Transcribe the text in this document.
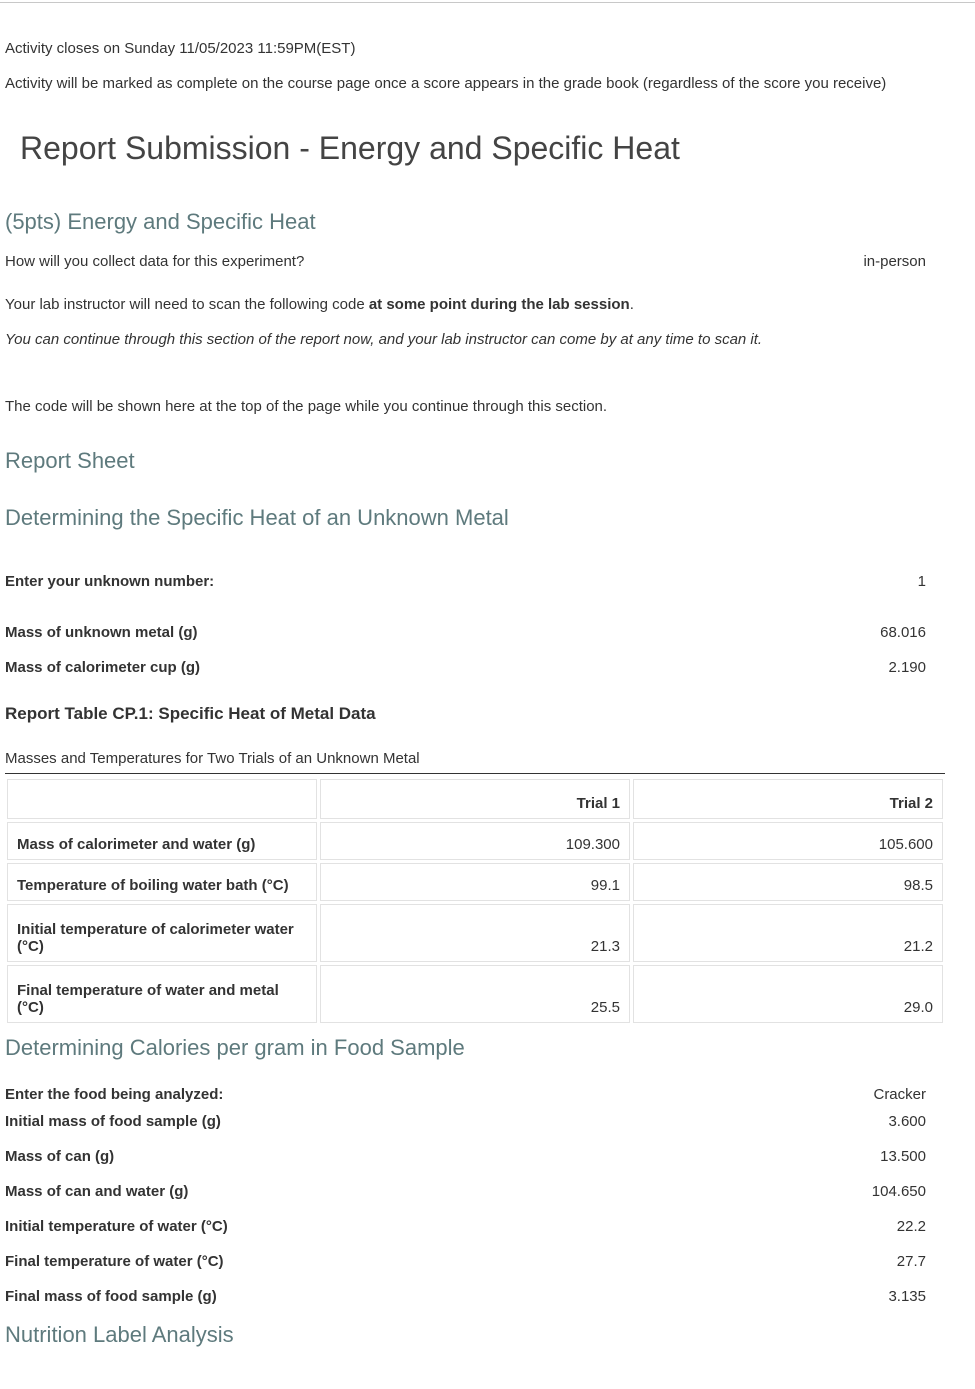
Activity closes on Sunday 11/05/2023 11:59PM(EST)
Activity will be marked as complete on the course page once a score appears in the grade book (regardless of the score you receive)
Report Submission - Energy and Specific Heat
(5pts) Energy and Specific Heat
How will you collect data for this experiment?	in-person
Your lab instructor will need to scan the following code at some point during the lab session.
You can continue through this section of the report now, and your lab instructor can come by at any time to scan it.
The code will be shown here at the top of the page while you continue through this section.
Report Sheet
Determining the Specific Heat of an Unknown Metal
Enter your unknown number:	1
Mass of unknown metal (g)	68.016
Mass of calorimeter cup (g)	2.190
Report Table CP.1: Specific Heat of Metal Data
Masses and Temperatures for Two Trials of an Unknown Metal
	Trial 1	Trial 2
Mass of calorimeter and water (g)	109.300	105.600
Temperature of boiling water bath (°C)	99.1	98.5
Initial temperature of calorimeter water (°C)	21.3	21.2
Final temperature of water and metal (°C)	25.5	29.0
Determining Calories per gram in Food Sample
Enter the food being analyzed:	Cracker
Initial mass of food sample (g)	3.600
Mass of can (g)	13.500
Mass of can and water (g)	104.650
Initial temperature of water (°C)	22.2
Final temperature of water (°C)	27.7
Final mass of food sample (g)	3.135
Nutrition Label Analysis
